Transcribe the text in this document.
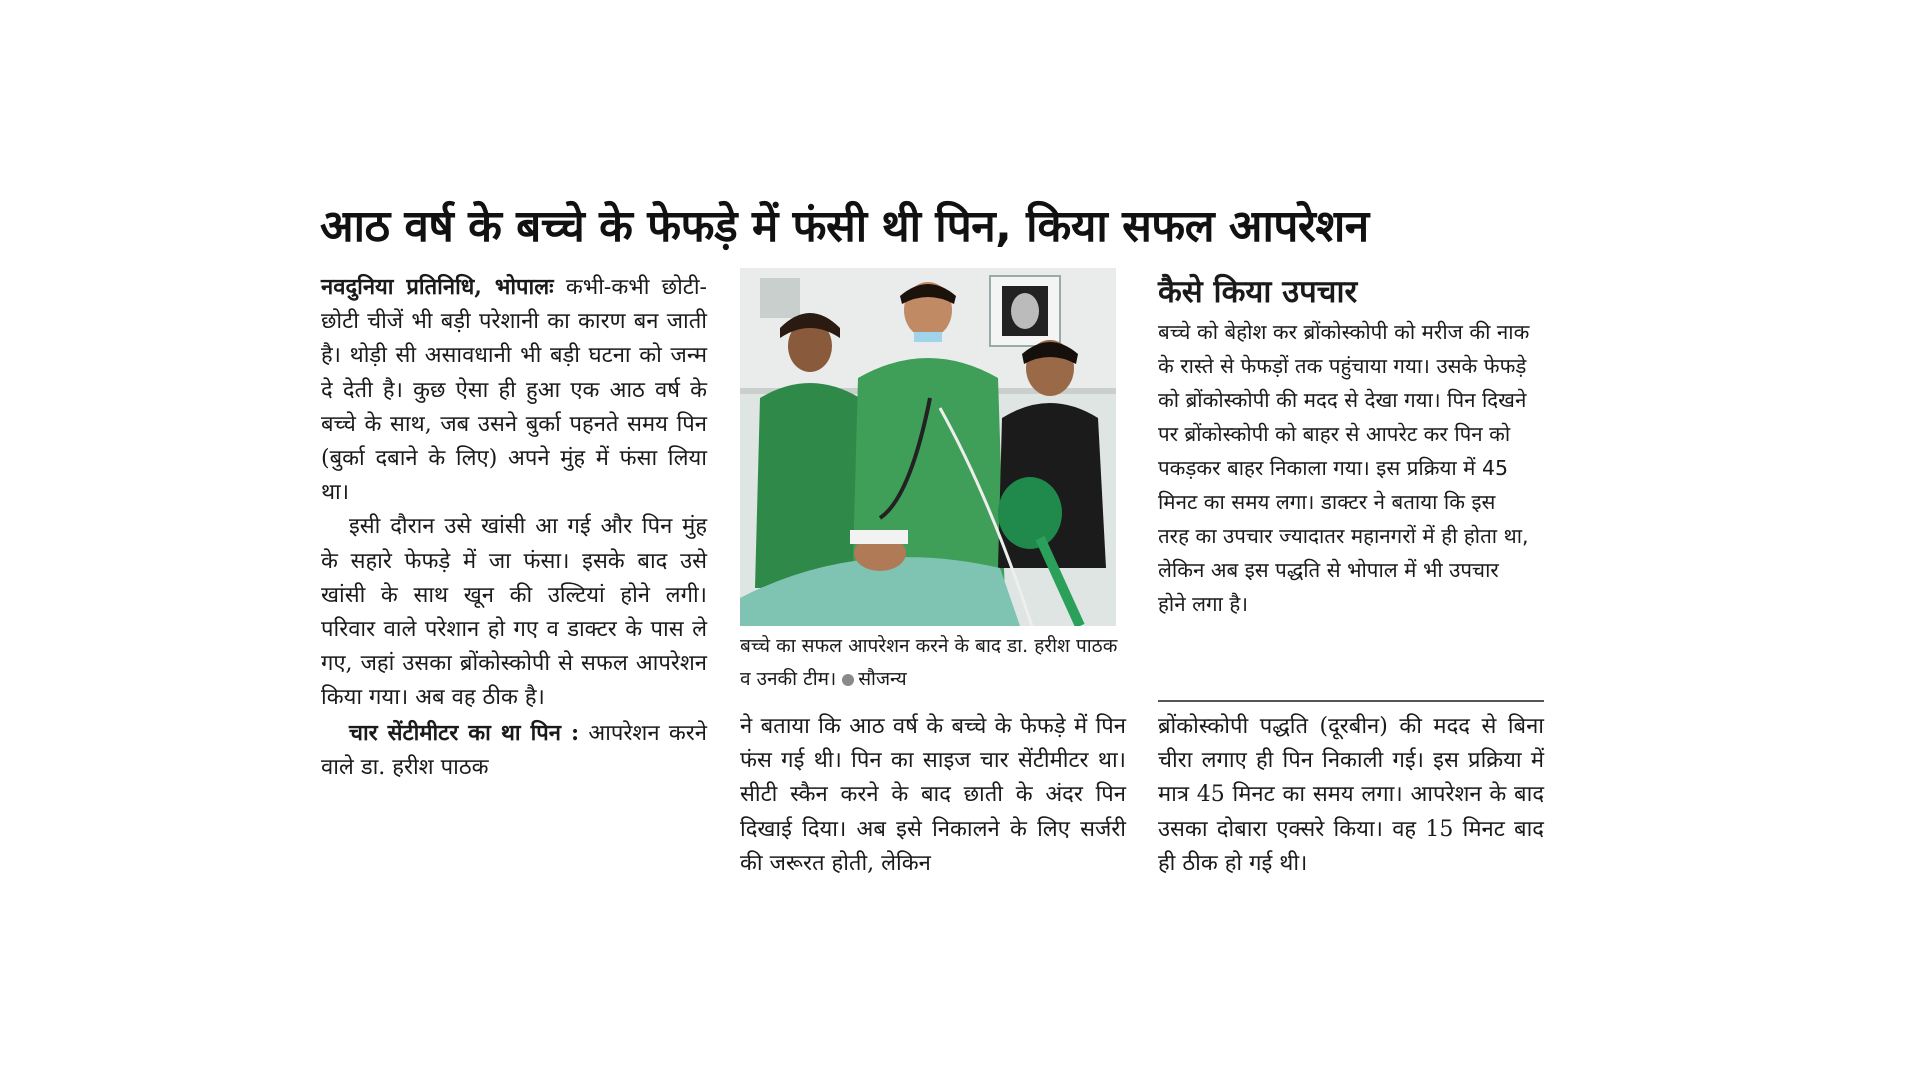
आठ वर्ष के बच्चे के फेफड़े में फंसी थी पिन, किया सफल आपरेशन

नवदुनिया प्रतिनिधि, भोपालः कभी-कभी छोटी-छोटी चीजें भी बड़ी परेशानी का कारण बन जाती है। थोड़ी सी असावधानी भी बड़ी घटना को जन्म दे देती है। कुछ ऐसा ही हुआ एक आठ वर्ष के बच्चे के साथ, जब उसने बुर्का पहनते समय पिन (बुर्का दबाने के लिए) अपने मुंह में फंसा लिया था।

इसी दौरान उसे खांसी आ गई और पिन मुंह के सहारे फेफड़े में जा फंसा। इसके बाद उसे खांसी के साथ खून की उल्टियां होने लगी। परिवार वाले परेशान हो गए व डाक्टर के पास ले गए, जहां उसका ब्रोंकोस्कोपी से सफल आपरेशन किया गया। अब वह ठीक है।

चार सेंटीमीटर का था पिन : आपरेशन करने वाले डा. हरीश पाठक

बच्चे का सफल आपरेशन करने के बाद डा. हरीश पाठक व उनकी टीम। सौजन्य

ने बताया कि आठ वर्ष के बच्चे के फेफड़े में पिन फंस गई थी। पिन का साइज चार सेंटीमीटर था। सीटी स्कैन करने के बाद छाती के अंदर पिन दिखाई दिया। अब इसे निकालने के लिए सर्जरी की जरूरत होती, लेकिन

कैसे किया उपचार

बच्चे को बेहोश कर ब्रोंकोस्कोपी को मरीज की नाक के रास्ते से फेफड़ों तक पहुंचाया गया। उसके फेफड़े को ब्रोंकोस्कोपी की मदद से देखा गया। पिन दिखने पर ब्रोंकोस्कोपी को बाहर से आपरेट कर पिन को पकड़कर बाहर निकाला गया। इस प्रक्रिया में 45 मिनट का समय लगा। डाक्टर ने बताया कि इस तरह का उपचार ज्यादातर महानगरों में ही होता था, लेकिन अब इस पद्धति से भोपाल में भी उपचार होने लगा है।

ब्रोंकोस्कोपी पद्धति (दूरबीन) की मदद से बिना चीरा लगाए ही पिन निकाली गई। इस प्रक्रिया में मात्र 45 मिनट का समय लगा। आपरेशन के बाद उसका दोबारा एक्सरे किया। वह 15 मिनट बाद ही ठीक हो गई थी।
